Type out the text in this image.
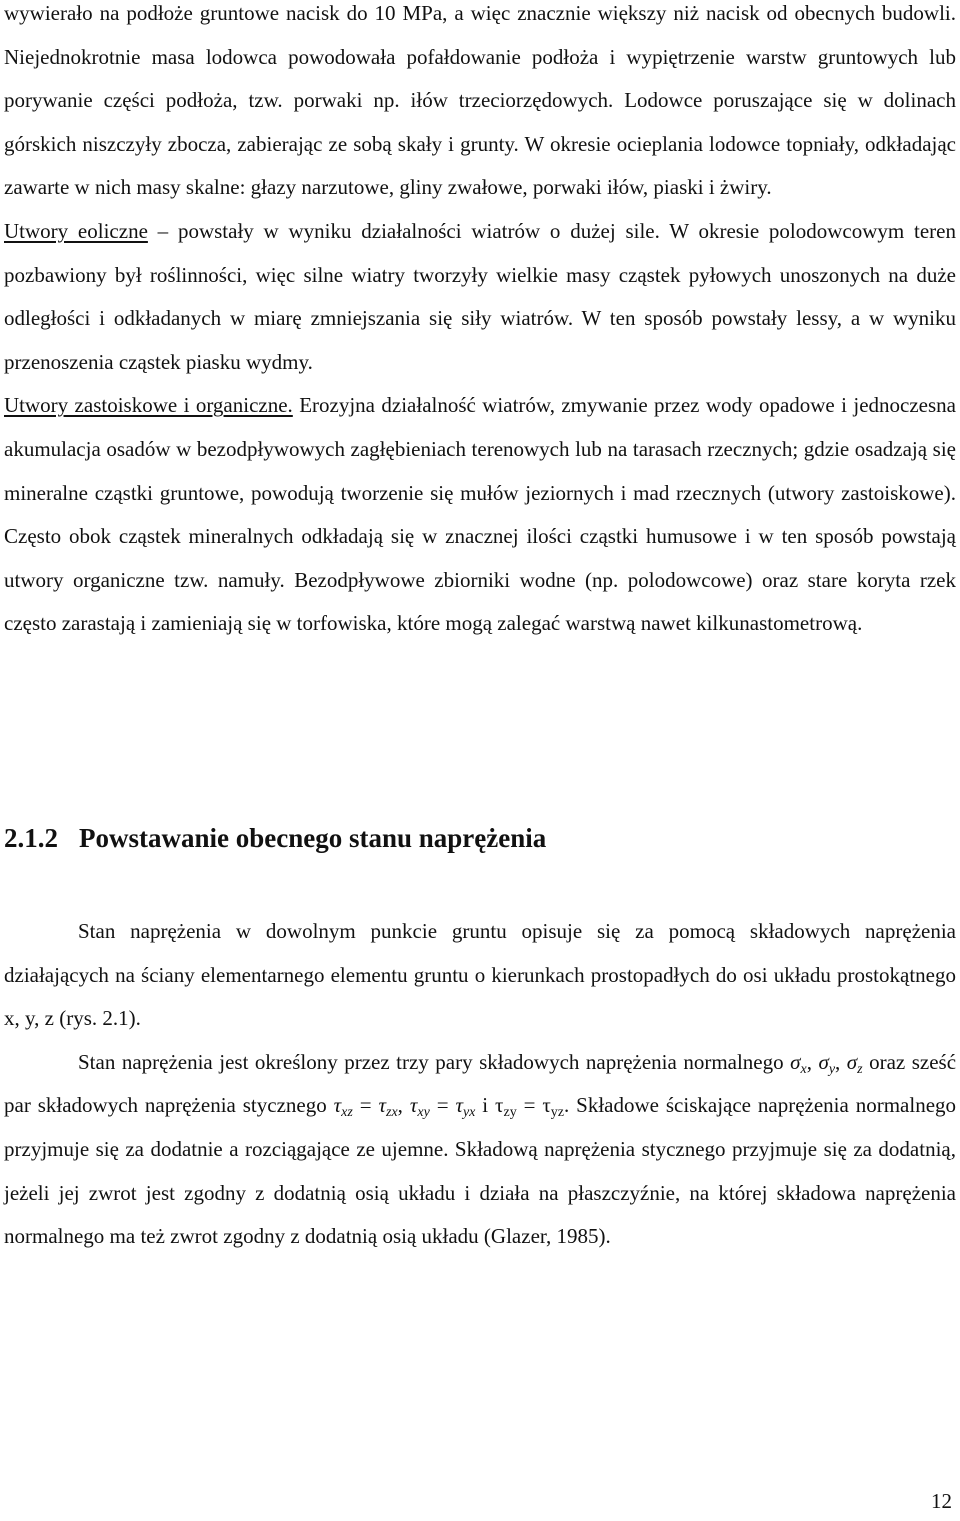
wywierało na podłoże gruntowe nacisk do 10 MPa, a więc znacznie większy niż nacisk od obecnych budowli. Niejednokrotnie masa lodowca powodowała pofałdowanie podłoża i wypiętrzenie warstw gruntowych lub porywanie części podłoża, tzw. porwaki np. iłów trzeciorzędowych. Lodowce poruszające się w dolinach górskich niszczyły zbocza, zabierając ze sobą skały i grunty. W okresie ocieplania lodowce topniały, odkładając zawarte w nich masy skalne: głazy narzutowe, gliny zwałowe, porwaki iłów, piaski i żwiry.

Utwory eoliczne – powstały w wyniku działalności wiatrów o dużej sile. W okresie polodowcowym teren pozbawiony był roślinności, więc silne wiatry tworzyły wielkie masy cząstek pyłowych unoszonych na duże odległości i odkładanych w miarę zmniejszania się siły wiatrów. W ten sposób powstały lessy, a w wyniku przenoszenia cząstek piasku wydmy.

Utwory zastoiskowe i organiczne. Erozyjna działalność wiatrów, zmywanie przez wody opadowe i jednoczesna akumulacja osadów w bezodpływowych zagłębieniach terenowych lub na tarasach rzecznych; gdzie osadzają się mineralne cząstki gruntowe, powodują tworzenie się mułów jeziornych i mad rzecznych (utwory zastoiskowe). Często obok cząstek mineralnych odkładają się w znacznej ilości cząstki humusowe i w ten sposób powstają utwory organiczne tzw. namuły. Bezodpływowe zbiorniki wodne (np. polodowcowe) oraz stare koryta rzek często zarastają i zamieniają się w torfowiska, które mogą zalegać warstwą nawet kilkunastometrową.

2.1.2 Powstawanie obecnego stanu naprężenia

Stan naprężenia w dowolnym punkcie gruntu opisuje się za pomocą składowych naprężenia działających na ściany elementarnego elementu gruntu o kierunkach prostopadłych do osi układu prostokątnego x, y, z (rys. 2.1).

Stan naprężenia jest określony przez trzy pary składowych naprężenia normalnego $\sigma_x$, $\sigma_y$, $\sigma_z$ oraz sześć par składowych naprężenia stycznego $\tau_{xz} = \tau_{zx}$, $\tau_{xy} = \tau_{yx}$ i $\tau_{zy} = \tau_{yz}$. Składowe ściskające naprężenia normalnego przyjmuje się za dodatnie a rozciągające ze ujemne. Składową naprężenia stycznego przyjmuje się za dodatnią, jeżeli jej zwrot jest zgodny z dodatnią osią układu i działa na płaszczyźnie, na której składowa naprężenia normalnego ma też zwrot zgodny z dodatnią osią układu (Glazer, 1985).

12
